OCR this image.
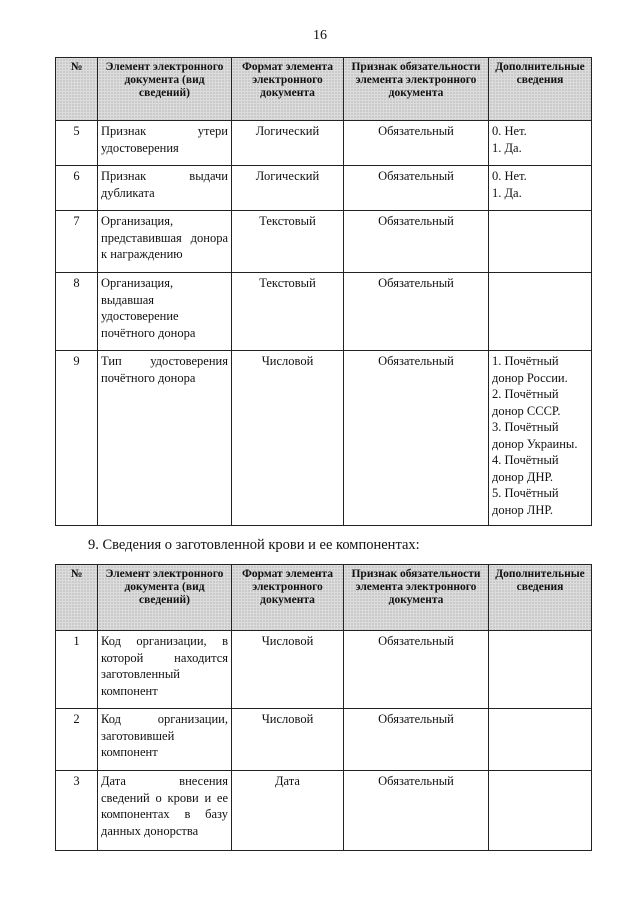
16
№	Элемент электронного документа (вид сведений)	Формат элемента электронного документа	Признак обязательности элемента электронного документа	Дополнительные сведения
5	Признак утери удостоверения	Логический	Обязательный	0. Нет.
1. Да.

6	Признак выдачи дубликата	Логический	Обязательный	0. Нет.
1. Да.

7	Организация, представившая донора к награждению	Текстовый	Обязательный	
8	Организация, выдавшая удостоверение почётного донора	Текстовый	Обязательный	
9	Тип удостоверения почётного донора	Числовой	Обязательный	1. Почётный донор России.
2. Почётный донор СССР.
3. Почётный донор Украины.
4. Почётный донор ДНР.
5. Почётный донор ЛНР.
9. Сведения о заготовленной крови и ее компонентах:
№	Элемент электронного документа (вид сведений)	Формат элемента электронного документа	Признак обязательности элемента электронного документа	Дополнительные сведения
1	Код организации, в которой находится заготовленный компонент	Числовой	Обязательный	
2	Код организации, заготовившей компонент	Числовой	Обязательный	
3	Дата внесения сведений о крови и ее компонентах в базу данных донорства	Дата	Обязательный	
